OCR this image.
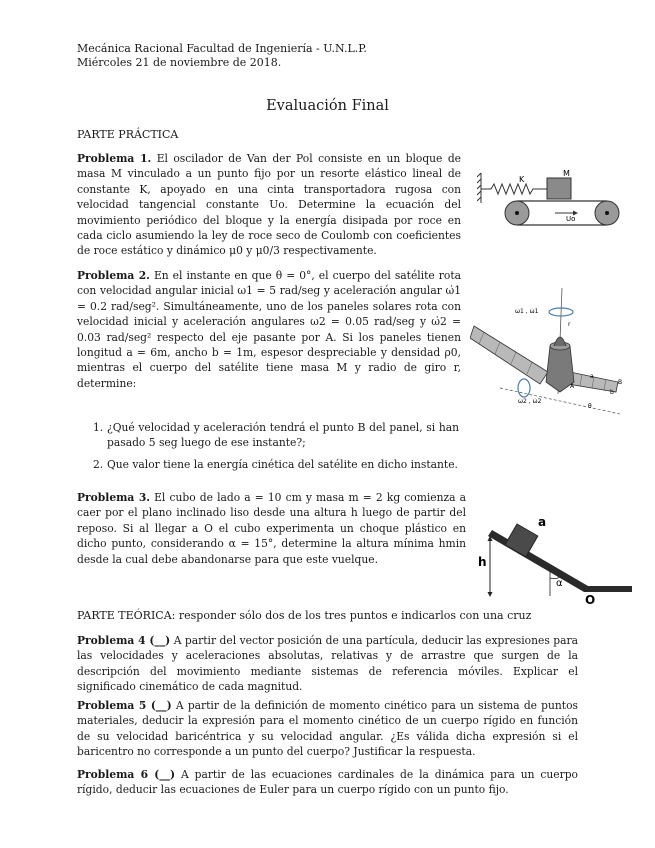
Mecánica Racional Facultad de Ingeniería - U.N.L.P.
Miércoles 21 de noviembre de 2018.
Evaluación Final
PARTE PRÁCTICA

Problema 1. El oscilador de Van der Pol consiste en un bloque de masa M vinculado a un punto fijo por un resorte elástico lineal de constante K, apoyado en una cinta transportadora rugosa con velocidad tangencial constante Uo. Determine la ecuación del movimiento periódico del bloque y la energía disipada por roce en cada ciclo asumiendo la ley de roce seco de Coulomb con coeficientes de roce estático y dinámico μ0 y μ0/3 respectivamente.

K
M
Uo

Problema 2. En el instante en que θ = 0°, el cuerpo del satélite rota con velocidad angular inicial ω1 = 5 rad/seg y aceleración angular ω̇1 = 0.2 rad/seg². Simultáneamente, uno de los paneles solares rota con velocidad inicial y aceleración angulares ω2 = 0.05 rad/seg y ω̇2 = 0.03 rad/seg² respecto del eje pasante por A. Si los paneles tienen longitud a = 6m, ancho b = 1m, espesor despreciable y densidad ρ0, mientras el cuerpo del satélite tiene masa M y radio de giro r, determine:

ω1 , ω̇1
A
B
b
a
θ
r
ω2 , ω̇2
1. ¿Qué velocidad y aceleración tendrá el punto B del panel, si han pasado 5 seg luego de ese instante?;
2. Que valor tiene la energía cinética del satélite en dicho instante.

Problema 3. El cubo de lado a = 10 cm y masa m = 2 kg comienza a caer por el plano inclinado liso desde una altura h luego de partir del reposo. Si al llegar a O el cubo experimenta un choque plástico en dicho punto, considerando α = 15°, determine la altura mínima hmin desde la cual debe abandonarse para que este vuelque.

a
h
α
O
PARTE TEÓRICA: responder sólo dos de los tres puntos e indicarlos con una cruz

Problema 4 (__) A partir del vector posición de una partícula, deducir las expresiones para las velocidades y aceleraciones absolutas, relativas y de arrastre que surgen de la descripción del movimiento mediante sistemas de referencia móviles. Explicar el significado cinemático de cada magnitud.

Problema 5 (__) A partir de la definición de momento cinético para un sistema de puntos materiales, deducir la expresión para el momento cinético de un cuerpo rígido en función de su velocidad baricéntrica y su velocidad angular. ¿Es válida dicha expresión si el baricentro no corresponde a un punto del cuerpo? Justificar la respuesta.

Problema 6 (__) A partir de las ecuaciones cardinales de la dinámica para un cuerpo rígido, deducir las ecuaciones de Euler para un cuerpo rígido con un punto fijo.
